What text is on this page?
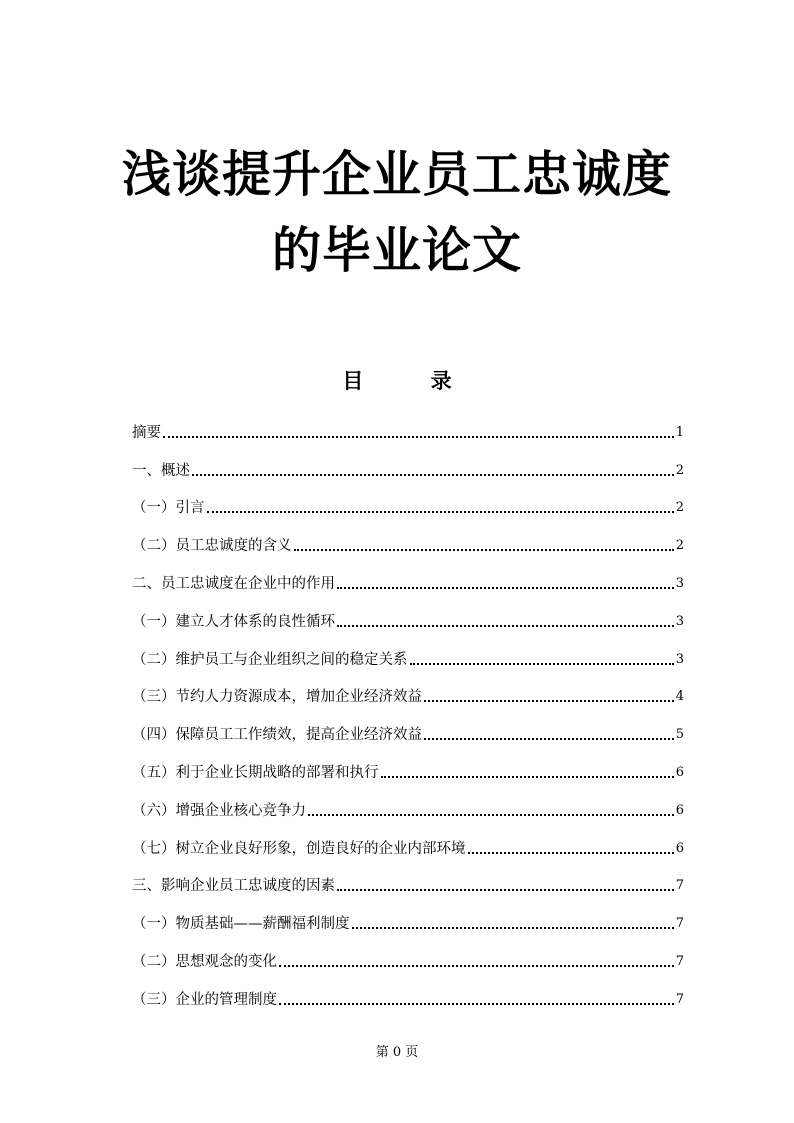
浅谈提升企业员工忠诚度
的毕业论文
目 录
摘要	1
一、概述	2
（一）引言	2
（二）员工忠诚度的含义	2
二、员工忠诚度在企业中的作用	3
（一）建立人才体系的良性循环	3
（二）维护员工与企业组织之间的稳定关系	3
（三）节约人力资源成本，增加企业经济效益	4
（四）保障员工工作绩效，提高企业经济效益	5
（五）利于企业长期战略的部署和执行	6
（六）增强企业核心竞争力	6
（七）树立企业良好形象，创造良好的企业内部环境	6
三、影响企业员工忠诚度的因素	7
（一）物质基础——薪酬福利制度	7
（二）思想观念的变化	7
（三）企业的管理制度	7
第 0 页
